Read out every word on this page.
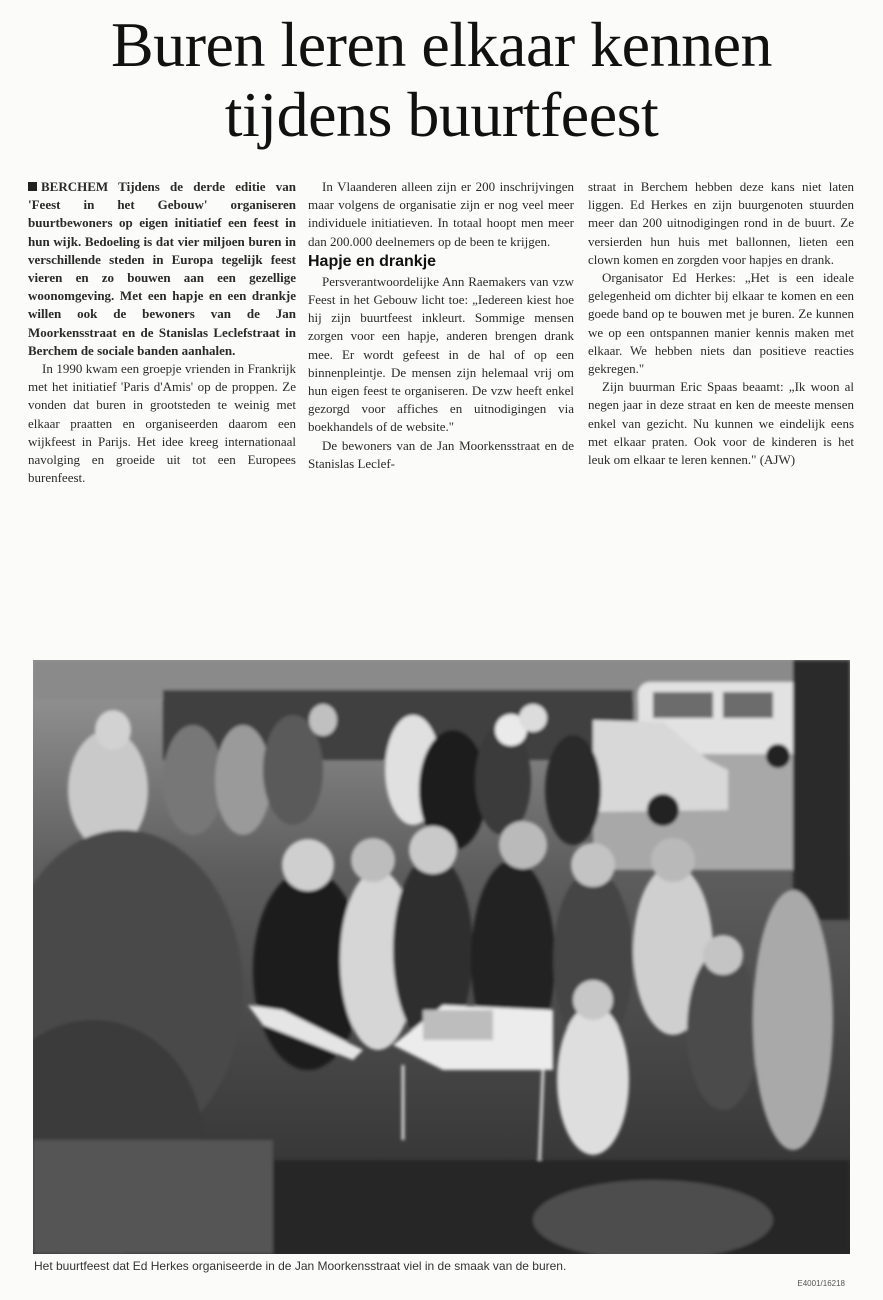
Buren leren elkaar kennen
tijdens buurtfeest

BERCHEM Tijdens de derde editie van 'Feest in het Gebouw' organiseren buurtbewoners op eigen initiatief een feest in hun wijk. Bedoeling is dat vier miljoen buren in verschillende steden in Europa tegelijk feest vieren en zo bouwen aan een gezellige woonomgeving. Met een hapje en een drankje willen ook de bewoners van de Jan Moorkensstraat en de Stanislas Leclefstraat in Berchem de sociale banden aanhalen.

In 1990 kwam een groepje vrienden in Frankrijk met het initiatief 'Paris d'Amis' op de proppen. Ze vonden dat buren in grootsteden te weinig met elkaar praatten en organiseerden daarom een wijkfeest in Parijs. Het idee kreeg internationaal navolging en groeide uit tot een Europees burenfeest.

In Vlaanderen alleen zijn er 200 inschrijvingen maar volgens de organisatie zijn er nog veel meer individuele initiatieven. In totaal hoopt men meer dan 200.000 deelnemers op de been te krijgen.

Hapje en drankje

Persverantwoordelijke Ann Raemakers van vzw Feest in het Gebouw licht toe: „Iedereen kiest hoe hij zijn buurtfeest inkleurt. Sommige mensen zorgen voor een hapje, anderen brengen drank mee. Er wordt gefeest in de hal of op een binnenpleintje. De mensen zijn helemaal vrij om hun eigen feest te organiseren. De vzw heeft enkel gezorgd voor affiches en uitnodigingen via boekhandels of de website."

De bewoners van de Jan Moorkensstraat en de Stanislas Leclef-

straat in Berchem hebben deze kans niet laten liggen. Ed Herkes en zijn buurgenoten stuurden meer dan 200 uitnodigingen rond in de buurt. Ze versierden hun huis met ballonnen, lieten een clown komen en zorgden voor hapjes en drank.

Organisator Ed Herkes: „Het is een ideale gelegenheid om dichter bij elkaar te komen en een goede band op te bouwen met je buren. Ze kunnen we op een ontspannen manier kennis maken met elkaar. We hebben niets dan positieve reacties gekregen."

Zijn buurman Eric Spaas beaamt: „Ik woon al negen jaar in deze straat en ken de meeste mensen enkel van gezicht. Nu kunnen we eindelijk eens met elkaar praten. Ook voor de kinderen is het leuk om elkaar te leren kennen." (AJW)

Het buurtfeest dat Ed Herkes organiseerde in de Jan Moorkensstraat viel in de smaak van de buren.
E4001/16218
